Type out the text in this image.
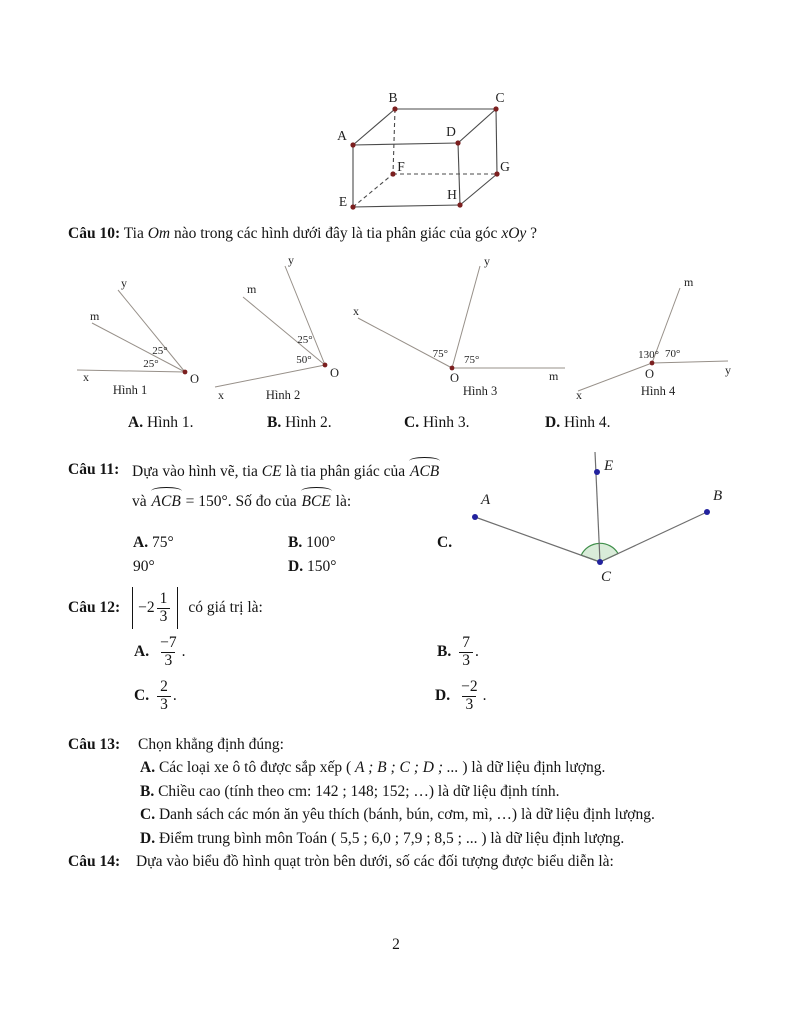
A
B	C
D
E
F	G
H
Câu 10: Tia Om nào trong các hình dưới đây là tia phân giác của góc xOy ?
x
m
y
O
25°
25°
Hình 1	x
m
y
O
25°
50°
Hình 2
x
y
m
O
75° 75°
Hình 3	x
y
m
O
130° 70°
Hình 4
A. Hình 1.	B. Hình 2.	C. Hình 3.	D. Hình 4.
Câu 11: Dựa vào hình vẽ, tia CE là tia phân giác của ACB
và ACB = 150°. Số đo của BCE là:
A. 75°	B. 100°	C.
90°	D. 150°
A	B
E
C
Câu 12: $-2 \frac{1}{3}$ có giá trị là:
A. $\frac{-7}{3}$ .	B. $\frac{7}{3}$ .
C. $\frac{2}{3}$ .	D. $\frac{-2}{3}$ .
Câu 13: Chọn khẳng định đúng:
A. Các loại xe ô tô được sắp xếp ( A ; B ; C ; D ; ... ) là dữ liệu định lượng.
B. Chiều cao (tính theo cm: 142 ; 148; 152; …) là dữ liệu định tính.
C. Danh sách các món ăn yêu thích (bánh, bún, cơm, mì, …) là dữ liệu định lượng.
D. Điểm trung bình môn Toán ( 5,5 ; 6,0 ; 7,9 ; 8,5 ; ... ) là dữ liệu định lượng.
Câu 14: Dựa vào biểu đồ hình quạt tròn bên dưới, số các đối tượng được biểu diễn là:
2
